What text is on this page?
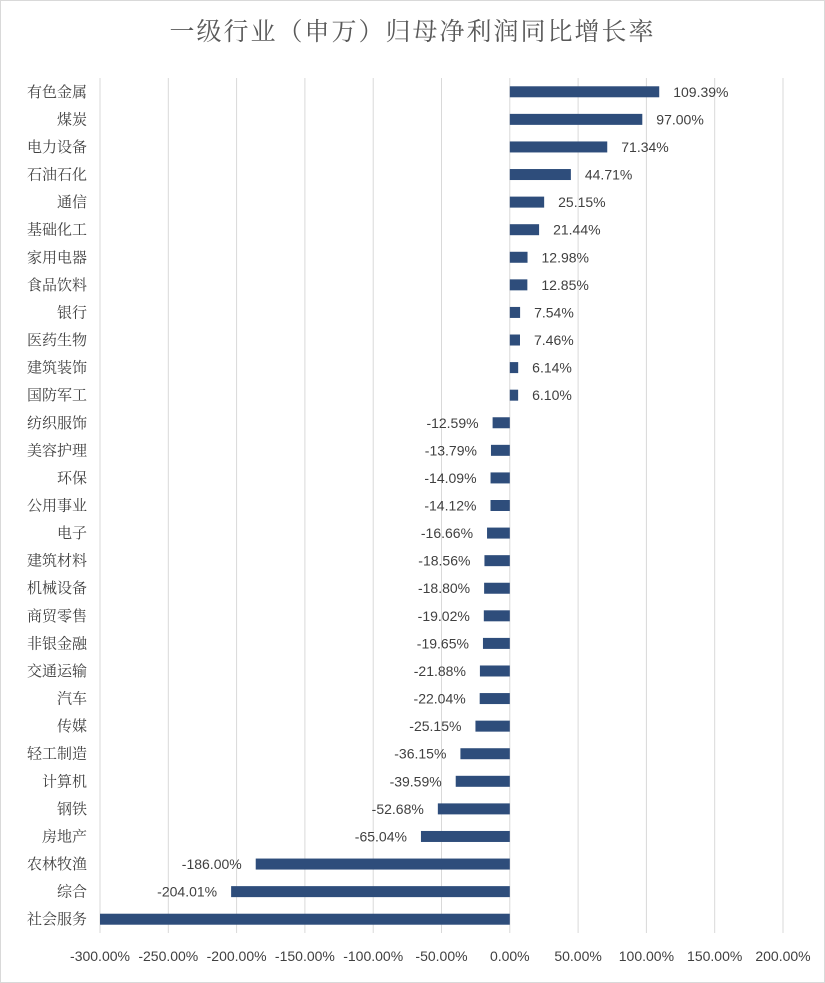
一级行业（申万）归母净利润同比增长率
-300.00% -250.00% -200.00% -150.00% -100.00% -50.00% 0.00% 50.00% 100.00% 150.00% 200.00%
有色金属	109.39%
煤炭	97.00%
电力设备	71.34%
石油石化	44.71%
通信	25.15%
基础化工	21.44%
家用电器	12.98%
食品饮料	12.85%
银行	7.54%
医药生物	7.46%
建筑装饰	6.14%
国防军工	6.10%
纺织服饰	-12.59%
美容护理	-13.79%
环保	-14.09%
公用事业	-14.12%
电子	-16.66%
建筑材料	-18.56%
机械设备	-18.80%
商贸零售	-19.02%
非银金融	-19.65%
交通运输	-21.88%
汽车	-22.04%
传媒	-25.15%
轻工制造	-36.15%
计算机	-39.59%
钢铁	-52.68%
房地产	-65.04%
农林牧渔	-186.00%
综合	-204.01%
社会服务
